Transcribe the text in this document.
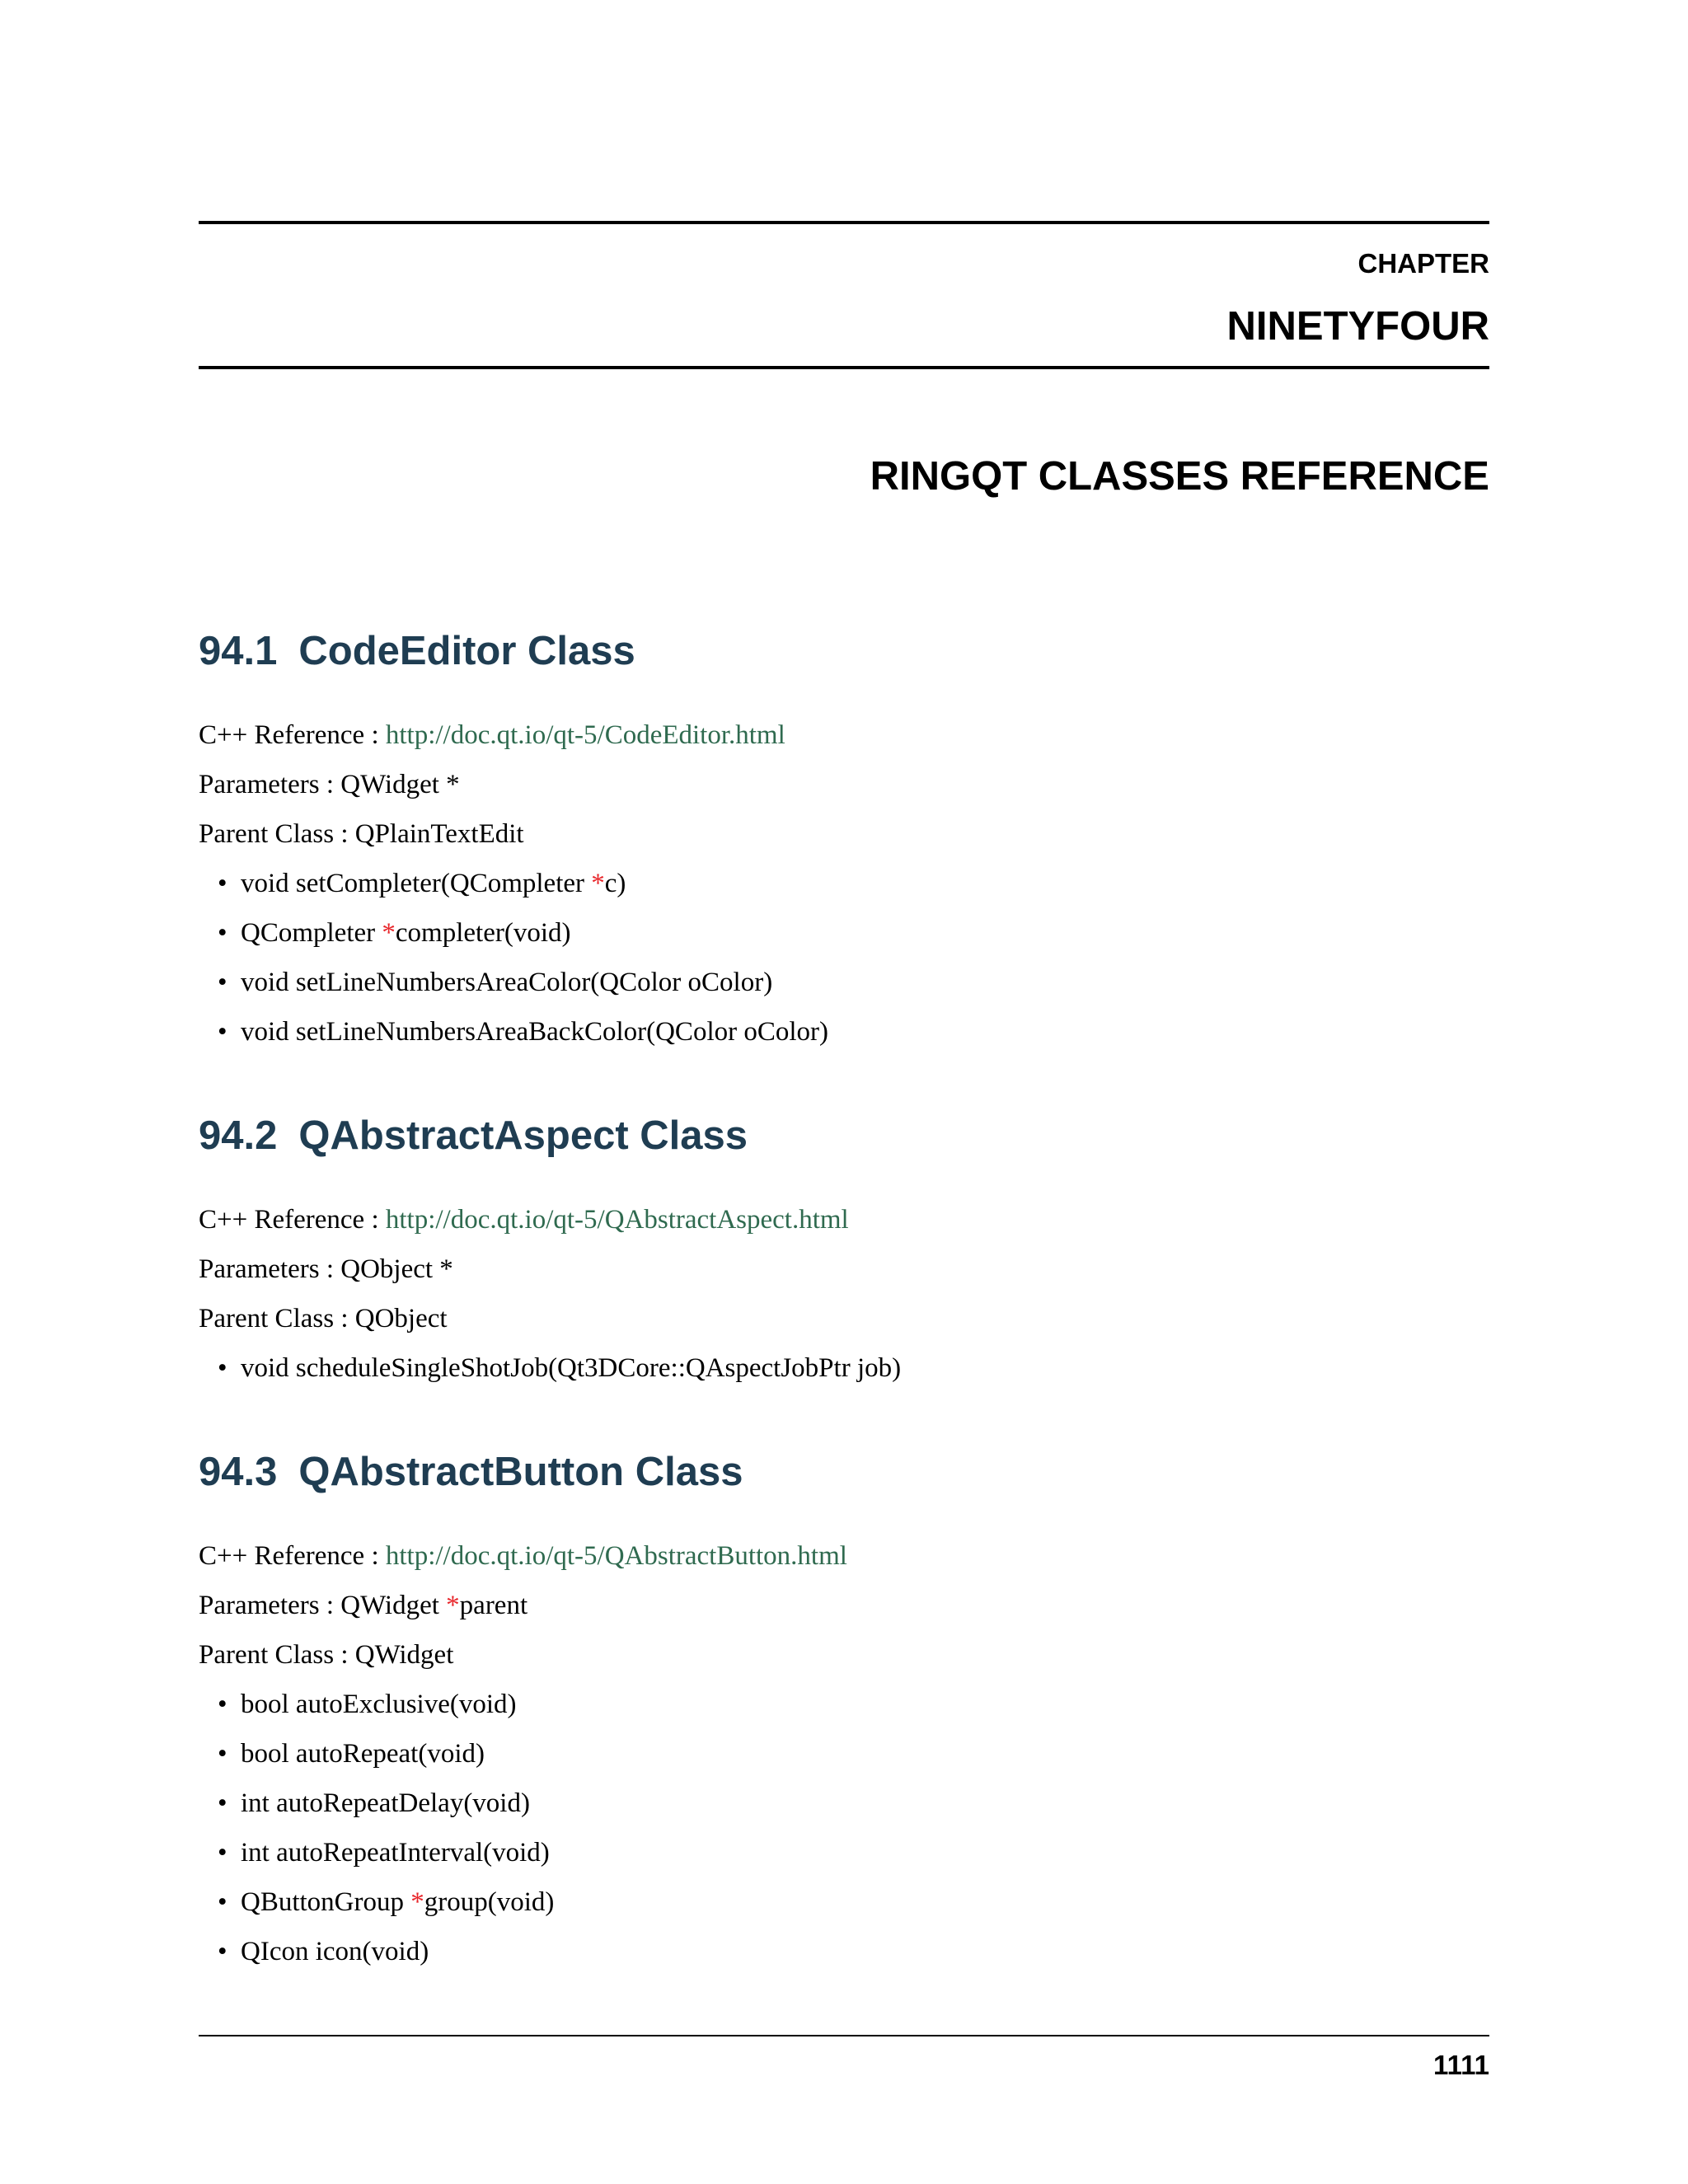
CHAPTER
NINETYFOUR
RINGQT CLASSES REFERENCE
94.1 CodeEditor Class

C++ Reference : http://doc.qt.io/qt-5/CodeEditor.html

Parameters : QWidget *

Parent Class : QPlainTextEdit

• void setCompleter(QCompleter *c)
• QCompleter *completer(void)
• void setLineNumbersAreaColor(QColor oColor)
• void setLineNumbersAreaBackColor(QColor oColor)
94.2 QAbstractAspect Class

C++ Reference : http://doc.qt.io/qt-5/QAbstractAspect.html

Parameters : QObject *

Parent Class : QObject

• void scheduleSingleShotJob(Qt3DCore::QAspectJobPtr job)
94.3 QAbstractButton Class

C++ Reference : http://doc.qt.io/qt-5/QAbstractButton.html

Parameters : QWidget *parent

Parent Class : QWidget

• bool autoExclusive(void)
• bool autoRepeat(void)
• int autoRepeatDelay(void)
• int autoRepeatInterval(void)
• QButtonGroup *group(void)
• QIcon icon(void)
1111
